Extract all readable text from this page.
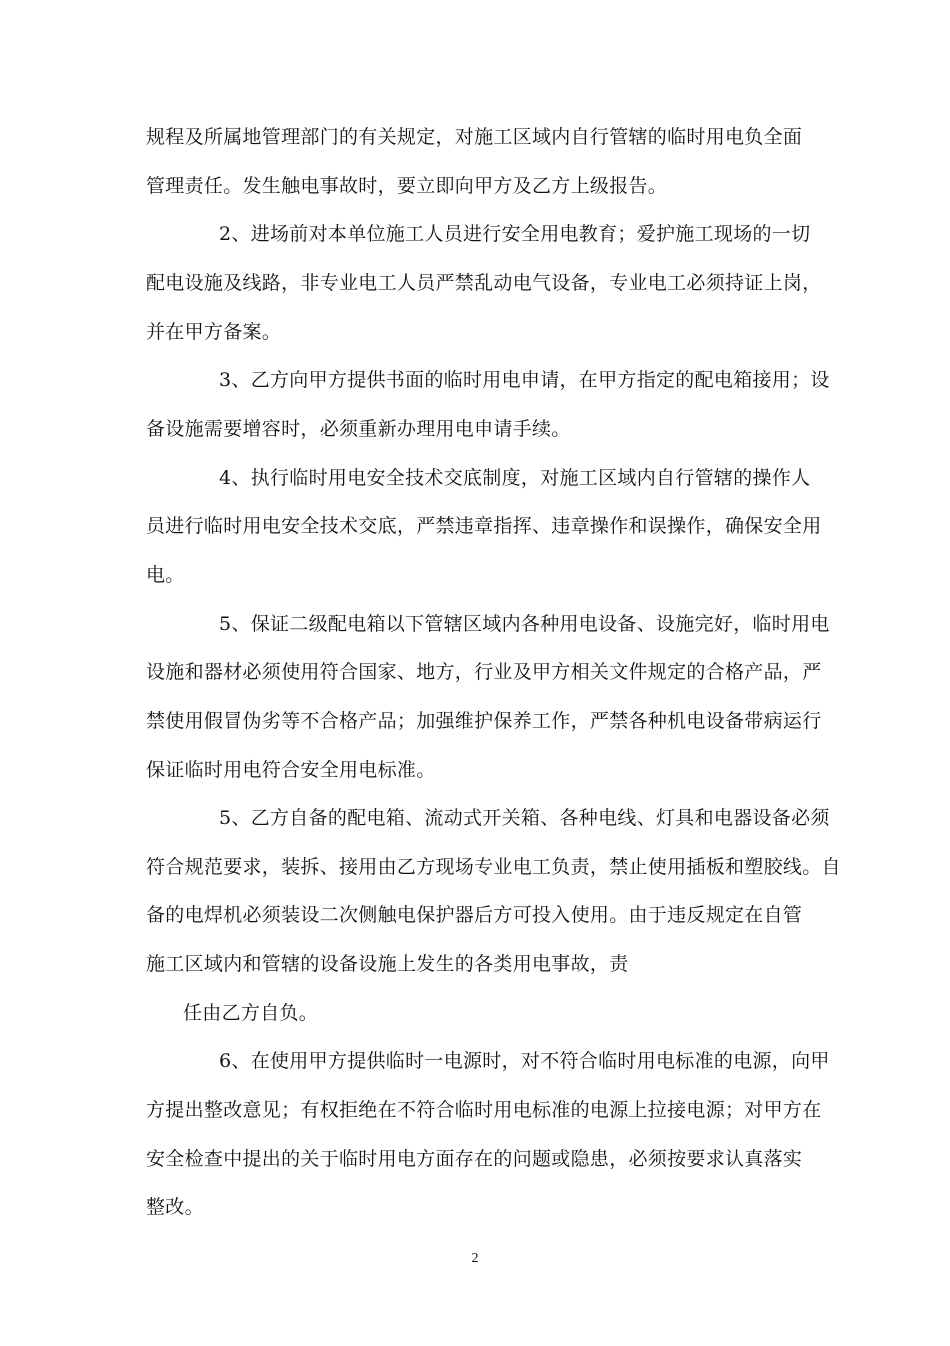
规程及所属地管理部门的有关规定，对施工区域内自行管辖的临时用电负全面
管理责任。发生触电事故时，要立即向甲方及乙方上级报告。
2、进场前对本单位施工人员进行安全用电教育；爱护施工现场的一切
配电设施及线路，非专业电工人员严禁乱动电气设备，专业电工必须持证上岗，
并在甲方备案。
3、乙方向甲方提供书面的临时用电申请，在甲方指定的配电箱接用；设
备设施需要增容时，必须重新办理用电申请手续。
4、执行临时用电安全技术交底制度，对施工区域内自行管辖的操作人
员进行临时用电安全技术交底，严禁违章指挥、违章操作和误操作，确保安全用
电。
5、保证二级配电箱以下管辖区域内各种用电设备、设施完好，临时用电
设施和器材必须使用符合国家、地方，行业及甲方相关文件规定的合格产品，严
禁使用假冒伪劣等不合格产品；加强维护保养工作，严禁各种机电设备带病运行
保证临时用电符合安全用电标准。
5、乙方自备的配电箱、流动式开关箱、各种电线、灯具和电器设备必须
符合规范要求，装拆、接用由乙方现场专业电工负责，禁止使用插板和塑胶线。自
备的电焊机必须装设二次侧触电保护器后方可投入使用。由于违反规定在自管
施工区域内和管辖的设备设施上发生的各类用电事故，责
任由乙方自负。
6、在使用甲方提供临时一电源时，对不符合临时用电标准的电源，向甲
方提出整改意见；有权拒绝在不符合临时用电标准的电源上拉接电源；对甲方在
安全检查中提出的关于临时用电方面存在的问题或隐患，必须按要求认真落实
整改。
2
